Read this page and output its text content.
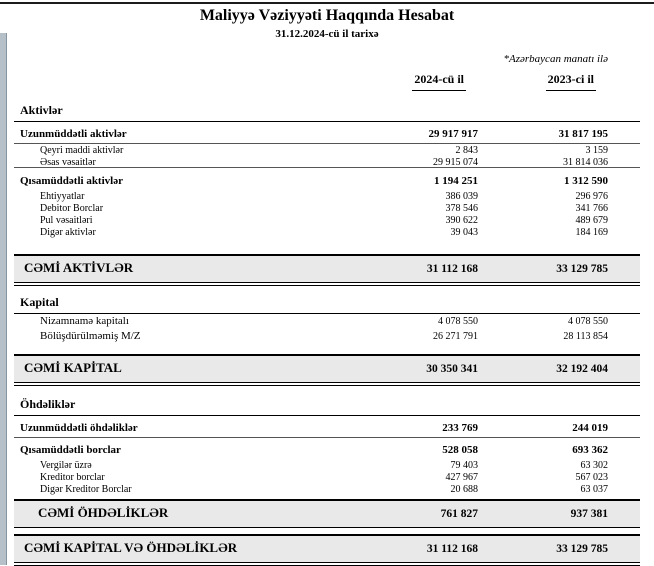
Maliyyə Vəziyyəti Haqqında Hesabat
31.12.2024-cü il tarixə
*Azərbaycan manatı ilə
2024-cü il	2023-ci il
Aktivlər
Uzunmüddətli aktivlər	29 917 917	31 817 195
Qeyri maddi aktivlər	2 843	3 159
Əsas vəsaitlər	29 915 074	31 814 036
Qısamüddətli aktivlər	1 194 251	1 312 590
Ehtiyyatlar	386 039	296 976
Debitor Borclar	378 546	341 766
Pul vəsaitləri	390 622	489 679
Digər aktivlər	39 043	184 169
CƏMİ AKTİVLƏR	31 112 168	33 129 785
Kapital
Nizamnamə kapitalı	4 078 550	4 078 550
Bölüşdürülməmiş M/Z	26 271 791	28 113 854
CƏMİ KAPİTAL	30 350 341	32 192 404
Öhdəliklər
Uzunmüddətli öhdəliklər	233 769	244 019
Qısamüddətli borclar	528 058	693 362
Vergilər üzrə	79 403	63 302
Kreditor borclar	427 967	567 023
Digər Kreditor Borclar	20 688	63 037
CƏMİ ÖHDƏLİKLƏR	761 827	937 381
CƏMİ KAPİTAL VƏ ÖHDƏLİKLƏR	31 112 168	33 129 785
